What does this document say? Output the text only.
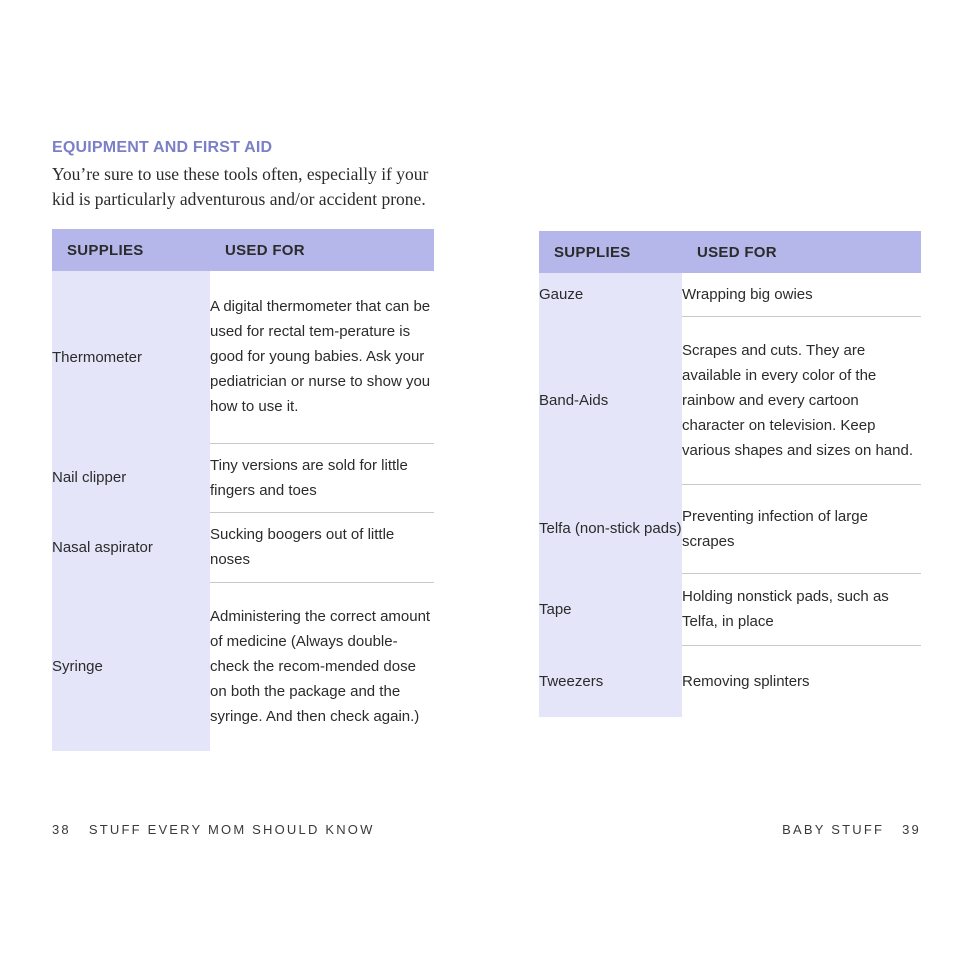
EQUIPMENT AND FIRST AID
You’re sure to use these tools often, especially if your
kid is particularly adventurous and/or accident prone.
SUPPLIES	USED FOR
Thermometer	A digital thermometer that can be used for rectal tem-perature is good for young babies. Ask your pediatrician or nurse to show you how to use it.
Nail clipper	Tiny versions are sold for little fingers and toes
Nasal aspirator	Sucking boogers out of little noses
Syringe	Administering the correct amount of medicine (Always double-check the recom-mended dose on both the package and the syringe. And then check again.)
38 STUFF EVERY MOM SHOULD KNOW
SUPPLIES	USED FOR
Gauze	Wrapping big owies
Band-Aids	Scrapes and cuts. They are available in every color of the rainbow and every cartoon character on television. Keep various shapes and sizes on hand.
Telfa (non-stick pads)	Preventing infection of large scrapes
Tape	Holding nonstick pads, such as Telfa, in place
Tweezers	Removing splinters
BABY STUFF 39
